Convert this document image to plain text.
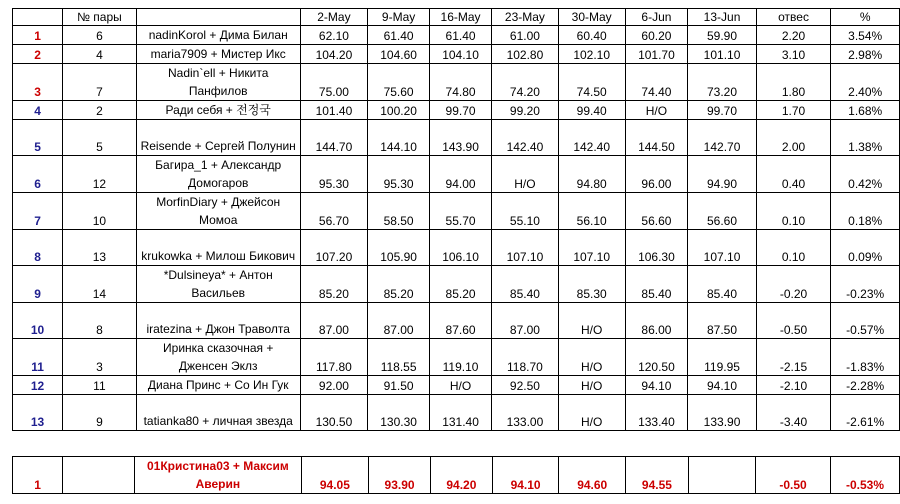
	№ пары		2-May	9-May	16-May	23-May	30-May	6-Jun	13-Jun	отвес	%
1	6	nadinKorol + Дима Билан	62.10	61.40	61.40	61.00	60.40	60.20	59.90	2.20	3.54%
2	4	maria7909 + Мистер Икс	104.20	104.60	104.10	102.80	102.10	101.70	101.10	3.10	2.98%
3	7	Nadin`ell + Никита Панфилов	75.00	75.60	74.80	74.20	74.50	74.40	73.20	1.80	2.40%
4	2	Ради себя + 전정국	101.40	100.20	99.70	99.20	99.40	Н/О	99.70	1.70	1.68%
5	5	Reisende + Сергей Полунин	144.70	144.10	143.90	142.40	142.40	144.50	142.70	2.00	1.38%
6	12	Багира_1 + Александр Домогаров	95.30	95.30	94.00	Н/О	94.80	96.00	94.90	0.40	0.42%
7	10	MorfinDiary + Джейсон Момоа	56.70	58.50	55.70	55.10	56.10	56.60	56.60	0.10	0.18%
8	13	krukowka + Милош Бикович	107.20	105.90	106.10	107.10	107.10	106.30	107.10	0.10	0.09%
9	14	*Dulsineya* + Антон Васильев	85.20	85.20	85.20	85.40	85.30	85.40	85.40	-0.20	-0.23%
10	8	iratezina + Джон Траволта	87.00	87.00	87.60	87.00	Н/О	86.00	87.50	-0.50	-0.57%
11	3	Иринка сказочная + Дженсен Эклз	117.80	118.55	119.10	118.70	Н/О	120.50	119.95	-2.15	-1.83%
12	11	Диана Принс + Со Ин Гук	92.00	91.50	Н/О	92.50	Н/О	94.10	94.10	-2.10	-2.28%
13	9	tatianka80 + личная звезда	130.50	130.30	131.40	133.00	Н/О	133.40	133.90	-3.40	-2.61%
1		01Кристина03 + Максим Аверин	94.05	93.90	94.20	94.10	94.60	94.55		-0.50	-0.53%
